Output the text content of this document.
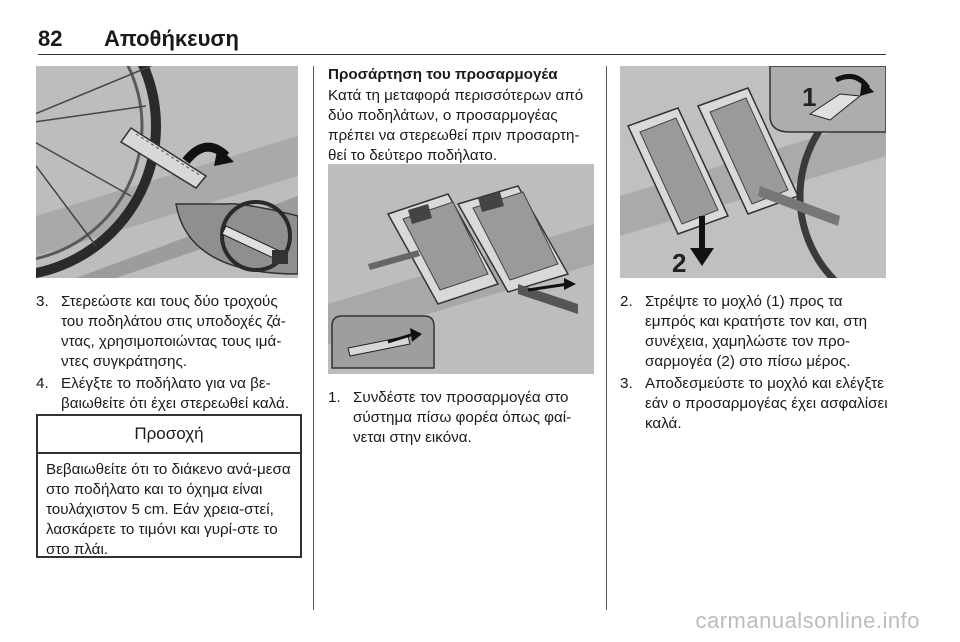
82 Αποθήκευση
3. Στερεώστε και τους δύο τροχούς του ποδηλάτου στις υποδοχές ζά-ντας, χρησιμοποιώντας τους ιμά-ντες συγκράτησης.
4. Ελέγξτε το ποδήλατο για να βε-βαιωθείτε ότι έχει στερεωθεί καλά.
Προσοχή
Βεβαιωθείτε ότι το διάκενο ανά-μεσα στο ποδήλατο και το όχημα είναι τουλάχιστον 5 cm. Εάν χρεια-στεί, λασκάρετε το τιμόνι και γυρί-στε το στο πλάι.
Προσάρτηση του προσαρμογέα

Κατά τη μεταφορά περισσότερων από δύο ποδηλάτων, ο προσαρμογέας πρέπει να στερεωθεί πριν προσαρτη-θεί το δεύτερο ποδήλατο.

1. Συνδέστε τον προσαρμογέα στο σύστημα πίσω φορέα όπως φαί-νεται στην εικόνα.
1
2
2. Στρέψτε το μοχλό (1) προς τα εμπρός και κρατήστε τον και, στη συνέχεια, χαμηλώστε τον προ-σαρμογέα (2) στο πίσω μέρος.
3. Αποδεσμεύστε το μοχλό και ελέγξτε εάν ο προσαρμογέας έχει ασφαλίσει καλά.
carmanualsonline.info
